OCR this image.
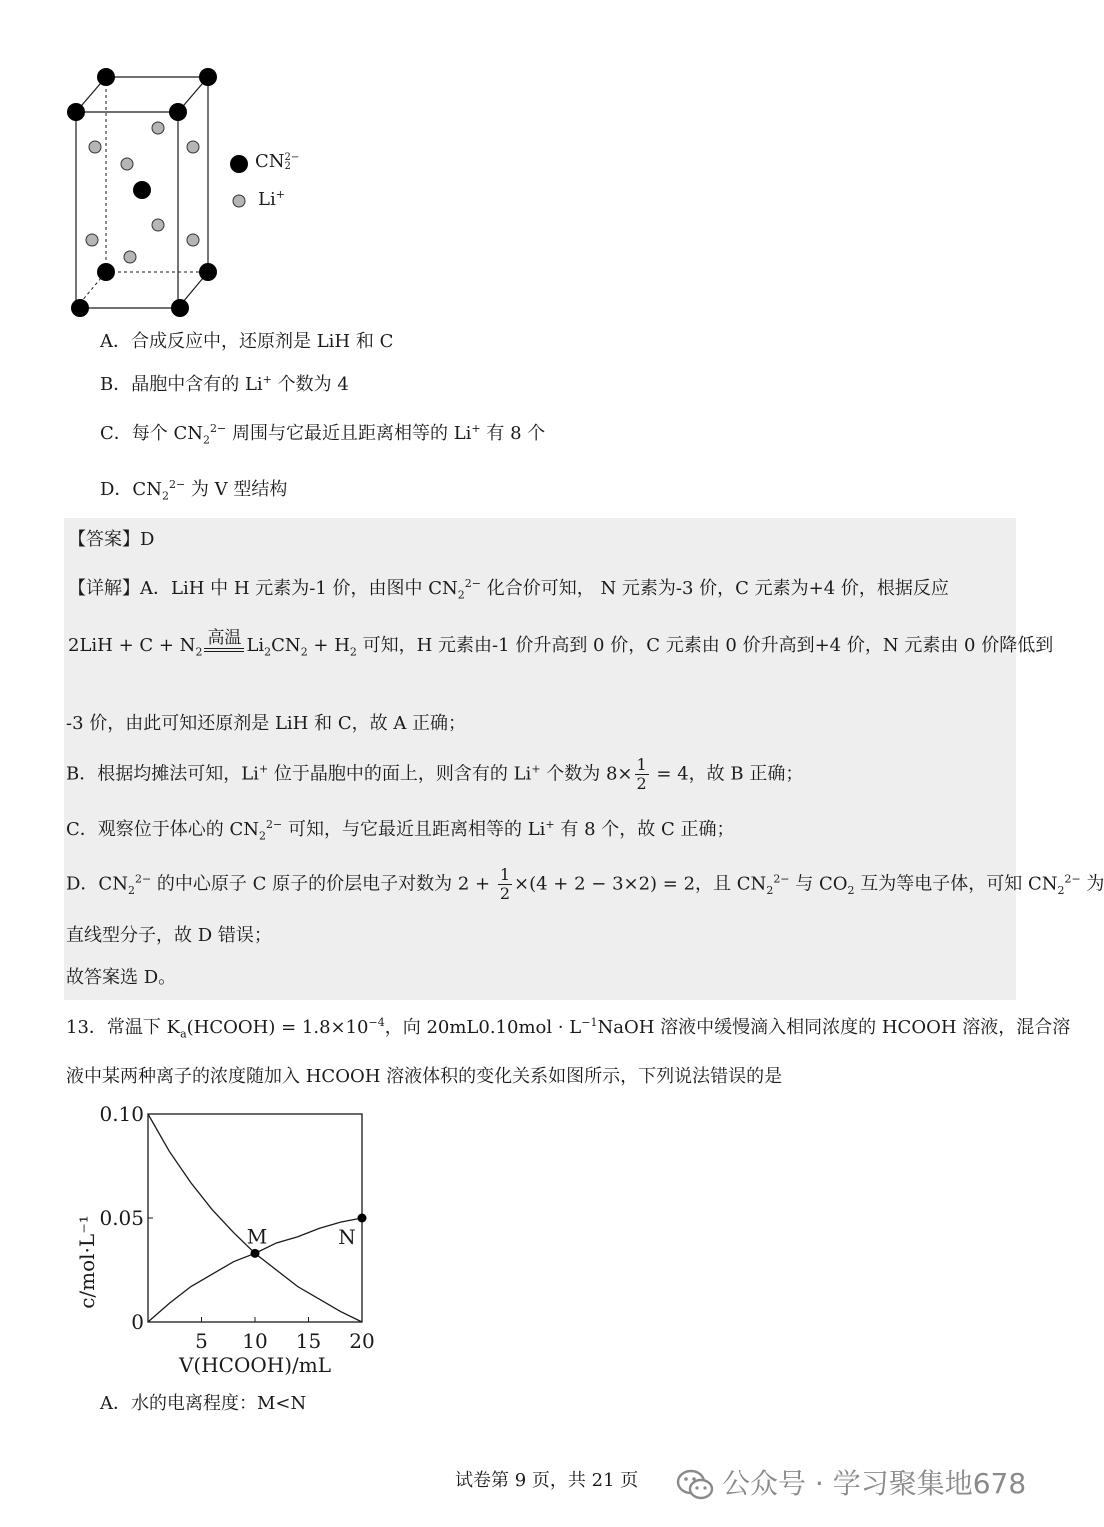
CN 2−
2
Li+
A．合成反应中，还原剂是 LiH 和 C
B．晶胞中含有的 Li+ 个数为 4
C．每个 $CN_2^{2-}$ 周围与它最近且距离相等的 Li+ 有 8 个
D．$CN_2^{2-}$ 为 V 型结构
【答案】D
【详解】A．LiH 中 H 元素为-1 价，由图中 $CN_2^{2-}$ 化合价可知， N 元素为-3 价，C 元素为+4 价，根据反应
$2LiH + C + N_2$
高温 $Li_2CN_2 + H_2$ 可知，H 元素由-1 价升高到 0 价，C 元素由 0 价升高到+4 价，N 元素由 0 价降低到
-3 价，由此可知还原剂是 LiH 和 C，故 A 正确；
B．根据均摊法可知，Li+ 位于晶胞中的面上，则含有的 Li+ 个数为 $8\times \frac{1}{2} = 4$，故 B 正确；
C．观察位于体心的 $CN_2^{2-}$ 可知，与它最近且距离相等的 Li+ 有 8 个，故 C 正确；
D．$CN_2^{2-}$ 的中心原子 C 原子的价层电子对数为 $2 + \frac{1}{2} \times(4 + 2 - 3\times 2) = 2$，且 $CN_2^{2-}$ 与 $CO_2$ 互为等电子体，可知 $CN_2^{2-}$ 为
直线型分子，故 D 错误；
故答案选 D。
13．常温下 $K_a(HCOOH) = 1.8\times 10^{-4}$，向 $20mL0.10mol \cdot L^{-1}NaOH$ 溶液中缓慢滴入相同浓度的 HCOOH 溶液，混合溶
液中某两种离子的浓度随加入 HCOOH 溶液体积的变化关系如图所示，下列说法错误的是
5 10 15 20
0
0.05
0.10
M	N
c/mol·L⁻¹
V(HCOOH)/mL
A．水的电离程度：M<N
试卷第 9 页，共 21 页	公众号 · 学习聚集地678
